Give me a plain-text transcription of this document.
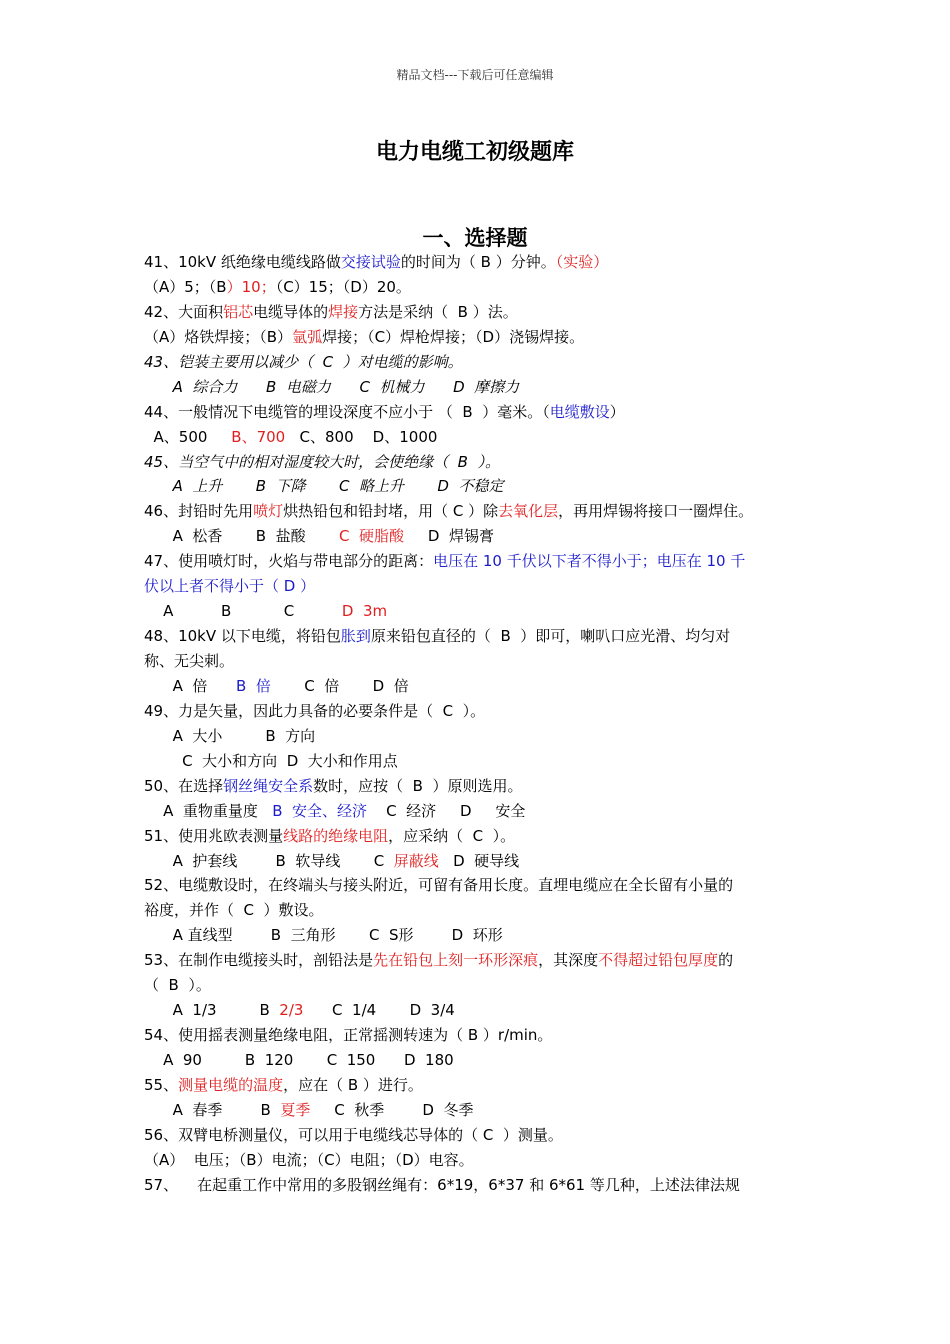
精品文档---下载后可任意编辑
电力电缆工初级题库
一、选择题
41、10kV 纸绝缘电缆线路做交接试验的时间为（ B ）分钟。（实验）
（A）5；（B）10；（C）15；（D）20。
42、大面积铝芯电缆导体的焊接方法是采纳（  B ）法。
（A）烙铁焊接；（B）氩弧焊接；（C）焊枪焊接；（D）浇锡焊接。
43、铠装主要用以减少（  C  ）对电缆的影响。
A  综合力      B  电磁力      C  机械力      D  摩擦力
44、一般情况下电缆管的埋设深度不应小于 （  B  ）毫米。（电缆敷设）
A、500     B、700   C、800    D、1000
45、当空气中的相对湿度较大时，会使绝缘（  B  ）。
A  上升       B  下降       C  略上升       D  不稳定
46、封铅时先用喷灯烘热铅包和铅封堵，用（ C ）除去氧化层，再用焊锡将接口一圈焊住。
A  松香       B  盐酸       C  硬脂酸     D  焊锡膏
47、使用喷灯时，火焰与带电部分的距离：电压在 10 千伏以下者不得小于；电压在 10 千
伏以上者不得小于（ D ）
A          B           C          D  3m
48、10kV 以下电缆，将铅包胀到原来铅包直径的（  B  ）即可，喇叭口应光滑、均匀对
称、无尖刺。
A  倍      B  倍       C  倍       D  倍
49、力是矢量，因此力具备的必要条件是（  C  ）。
A  大小         B  方向
C  大小和方向  D  大小和作用点
50、在选择钢丝绳安全系数时，应按（  B  ）原则选用。
A  重物重量度   B  安全、经济    C  经济     D     安全
51、使用兆欧表测量线路的绝缘电阻，应采纳（  C  ）。
A  护套线        B  软导线       C  屏蔽线   D  硬导线
52、电缆敷设时，在终端头与接头附近，可留有备用长度。直埋电缆应在全长留有小量的
裕度，并作（  C  ）敷设。
A 直线型        B  三角形       C  S形        D  环形
53、在制作电缆接头时，剖铅法是先在铅包上刻一环形深痕，其深度不得超过铅包厚度的
（  B  ）。
A  1/3         B  2/3      C  1/4       D  3/4
54、使用摇表测量绝缘电阻，正常摇测转速为（ B ）r/min。
A  90         B  120       C  150      D  180
55、测量电缆的温度，应在（ B ）进行。
A  春季        B  夏季     C  秋季        D  冬季
56、双臂电桥测量仪，可以用于电缆线芯导体的（ C  ）测量。
（A）  电压；（B）电流；（C）电阻；（D）电容。
57、    在起重工作中常用的多股钢丝绳有：6*19，6*37 和 6*61 等几种，上述法律法规
